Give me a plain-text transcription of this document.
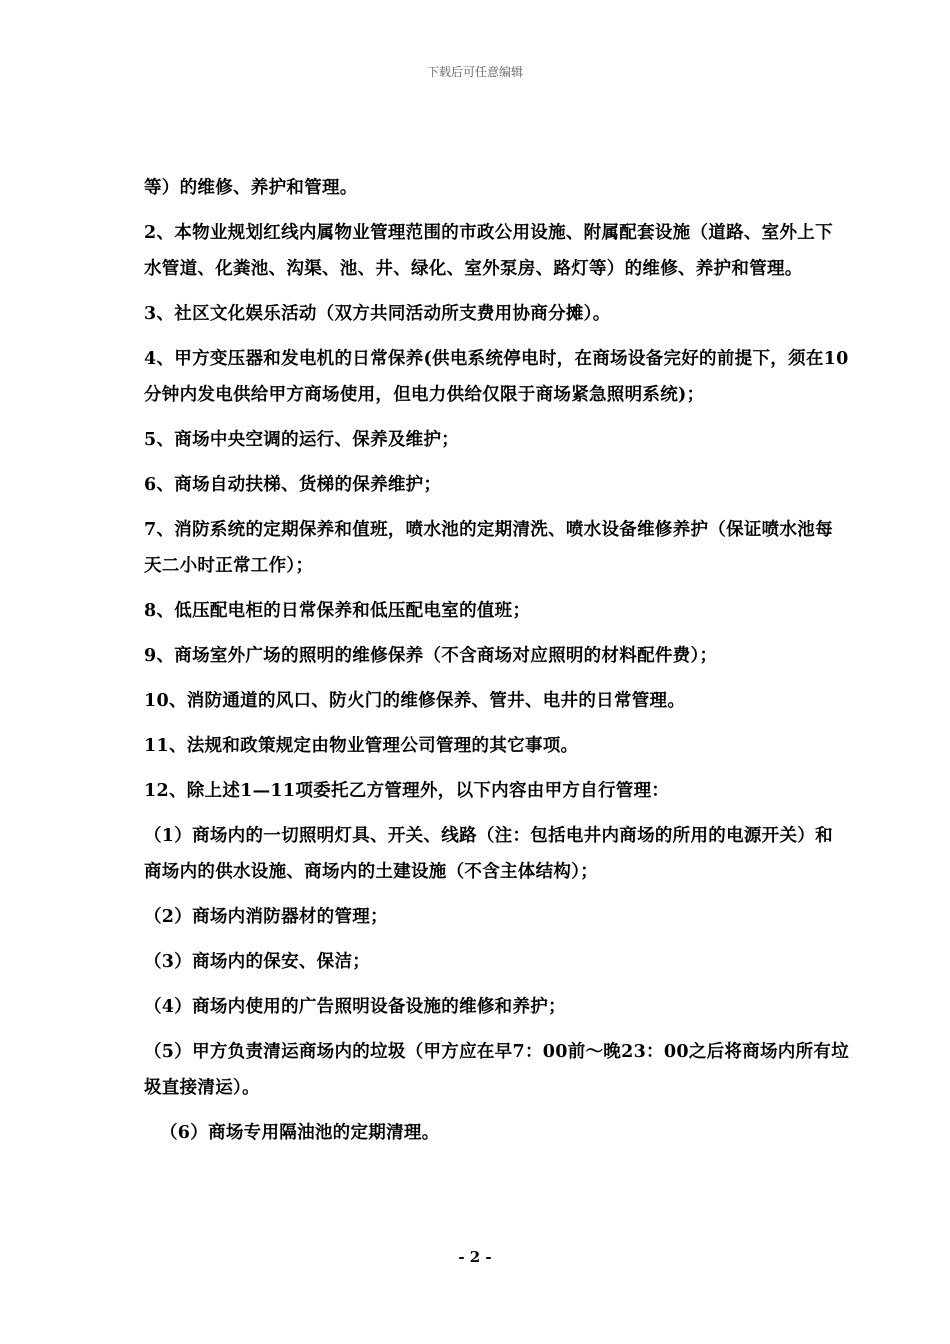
下载后可任意编辑

等）的维修、养护和管理。

2、本物业规划红线内属物业管理范围的市政公用设施、附属配套设施（道路、室外上下水管道、化粪池、沟渠、池、井、绿化、室外泵房、路灯等）的维修、养护和管理。

3、社区文化娱乐活动（双方共同活动所支费用协商分摊）。

4、甲方变压器和发电机的日常保养(供电系统停电时，在商场设备完好的前提下，须在10分钟内发电供给甲方商场使用，但电力供给仅限于商场紧急照明系统)；

5、商场中央空调的运行、保养及维护；

6、商场自动扶梯、货梯的保养维护；

7、消防系统的定期保养和值班，喷水池的定期清洗、喷水设备维修养护（保证喷水池每天二小时正常工作）；

8、低压配电柜的日常保养和低压配电室的值班；

9、商场室外广场的照明的维修保养（不含商场对应照明的材料配件费）；

10、消防通道的风口、防火门的维修保养、管井、电井的日常管理。

11、法规和政策规定由物业管理公司管理的其它事项。

12、除上述1—11项委托乙方管理外，以下内容由甲方自行管理：

（1）商场内的一切照明灯具、开关、线路（注：包括电井内商场的所用的电源开关）和商场内的供水设施、商场内的土建设施（不含主体结构）；

（2）商场内消防器材的管理；

（3）商场内的保安、保洁；

（4）商场内使用的广告照明设备设施的维修和养护；

（5）甲方负责清运商场内的垃圾（甲方应在早7：00前～晚23：00之后将商场内所有垃圾直接清运）。

（6）商场专用隔油池的定期清理。

- 2 -
